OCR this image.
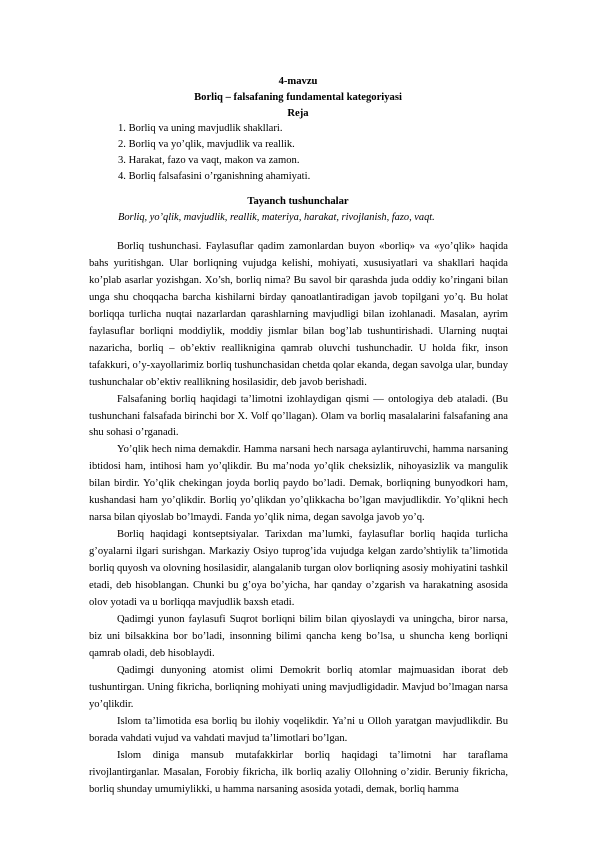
4-mavzu
Borliq – falsafaning fundamental kategoriyasi
Reja
1. Borliq va uning mavjudlik shakllari.
2. Borliq va yo’qlik, mavjudlik va reallik.
3. Harakat, fazo va vaqt, makon va zamon.
4. Borliq falsafasini o’rganishning ahamiyati.
Tayanch tushunchalar
Borliq, yo’qlik, mavjudlik, reallik, materiya, harakat, rivojlanish, fazo, vaqt.

Borliq tushunchasi. Faylasuflar qadim zamonlardan buyon «borliq» va «yo’qlik» haqida bahs yuritishgan. Ular borliqning vujudga kelishi, mohiyati, xususiyatlari va shakllari haqida ko’plab asarlar yozishgan. Xo’sh, borliq nima? Bu savol bir qarashda juda oddiy ko’ringani bilan unga shu choqqacha barcha kishilarni birday qanoatlantiradigan javob topilgani yo’q. Bu holat borliqqa turlicha nuqtai nazarlardan qarashlarning mavjudligi bilan izohlanadi. Masalan, ayrim faylasuflar borliqni moddiylik, moddiy jismlar bilan bog’lab tushuntirishadi. Ularning nuqtai nazaricha, borliq – ob’ektiv realliknigina qamrab oluvchi tushunchadir. U holda fikr, inson tafakkuri, o’y-xayollarimiz borliq tushunchasidan chetda qolar ekanda, degan savolga ular, bunday tushunchalar ob’ektiv reallikning hosilasidir, deb javob berishadi.

Falsafaning borliq haqidagi ta’limotni izohlaydigan qismi — ontologiya deb ataladi. (Bu tushunchani falsafada birinchi bor X. Volf qo’llagan). Olam va borliq masalalarini falsafaning ana shu sohasi o’rganadi.

Yo’qlik hech nima demakdir. Hamma narsani hech narsaga aylantiruvchi, hamma narsaning ibtidosi ham, intihosi ham yo’qlikdir. Bu ma’noda yo’qlik cheksizlik, nihoyasizlik va mangulik bilan birdir. Yo’qlik chekingan joyda borliq paydo bo’ladi. Demak, borliqning bunyodkori ham, kushandasi ham yo’qlikdir. Borliq yo’qlikdan yo’qlikkacha bo’lgan mavjudlikdir. Yo’qlikni hech narsa bilan qiyoslab bo’lmaydi. Fanda yo’qlik nima, degan savolga javob yo’q.

Borliq haqidagi kontseptsiyalar. Tarixdan ma’lumki, faylasuflar borliq haqida turlicha g’oyalarni ilgari surishgan. Markaziy Osiyo tuprog’ida vujudga kelgan zardo’shtiylik ta’limotida borliq quyosh va olovning hosilasidir, alangalanib turgan olov borliqning asosiy mohiyatini tashkil etadi, deb hisoblangan. Chunki bu g’oya bo’yicha, har qanday o’zgarish va harakatning asosida olov yotadi va u borliqqa mavjudlik baxsh etadi.

Qadimgi yunon faylasufi Suqrot borliqni bilim bilan qiyoslaydi va uningcha, biror narsa, biz uni bilsakkina bor bo’ladi, insonning bilimi qancha keng bo’lsa, u shuncha keng borliqni qamrab oladi, deb hisoblaydi.

Qadimgi dunyoning atomist olimi Demokrit borliq atomlar majmuasidan iborat deb tushuntirgan. Uning fikricha, borliqning mohiyati uning mavjudligidadir. Mavjud bo’lmagan narsa yo’qlikdir.

Islom ta’limotida esa borliq bu ilohiy voqelikdir. Ya’ni u Olloh yaratgan mavjudlikdir. Bu borada vahdati vujud va vahdati mavjud ta’limotlari bo’lgan.

Islom diniga mansub mutafakkirlar borliq haqidagi ta’limotni har taraflama rivojlantirganlar. Masalan, Forobiy fikricha, ilk borliq azaliy Ollohning o’zidir. Beruniy fikricha, borliq shunday umumiylikki, u hamma narsaning asosida yotadi, demak, borliq hamma
